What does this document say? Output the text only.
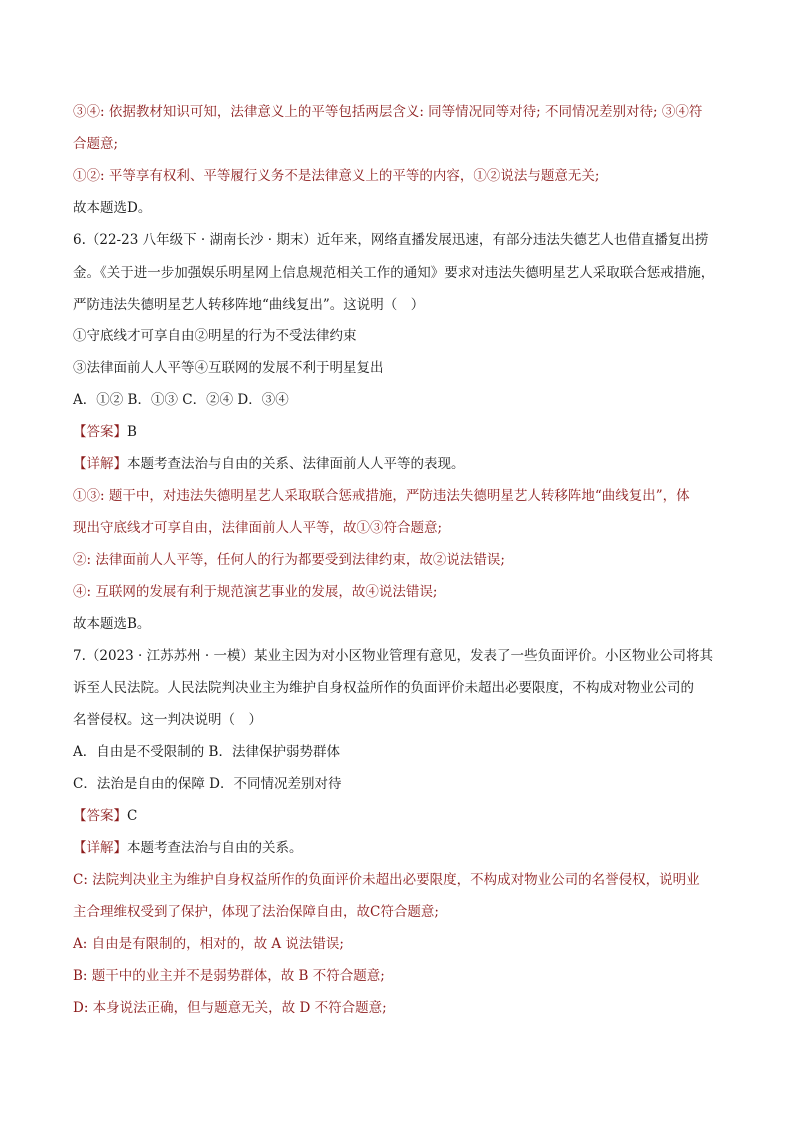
③④: 依据教材知识可知，法律意义上的平等包括两层含义: 同等情况同等对待; 不同情况差别对待; ③④符
合题意;
①②: 平等享有权利、平等履行义务不是法律意义上的平等的内容，①②说法与题意无关;
故本题选D。
6.（22-23 八年级下 · 湖南长沙 · 期末）近年来，网络直播发展迅速，有部分违法失德艺人也借直播复出捞
金。《关于进一步加强娱乐明星网上信息规范相关工作的通知》要求对违法失德明星艺人采取联合惩戒措施，
严防违法失德明星艺人转移阵地“曲线复出”。这说明（　）
①守底线才可享自由②明星的行为不受法律约束
③法律面前人人平等④互联网的发展不利于明星复出
A．①② B．①③ C．②④ D．③④
【答案】B
【详解】本题考查法治与自由的关系、法律面前人人平等的表现。
①③: 题干中，对违法失德明星艺人采取联合惩戒措施，严防违法失德明星艺人转移阵地“曲线复出”，体
现出守底线才可享自由，法律面前人人平等，故①③符合题意;
②: 法律面前人人平等，任何人的行为都要受到法律约束，故②说法错误;
④: 互联网的发展有利于规范演艺事业的发展，故④说法错误;
故本题选B。
7.（2023 · 江苏苏州 · 一模）某业主因为对小区物业管理有意见，发表了一些负面评价。小区物业公司将其
诉至人民法院。人民法院判决业主为维护自身权益所作的负面评价未超出必要限度，不构成对物业公司的
名誉侵权。这一判决说明（　）
A．自由是不受限制的 B．法律保护弱势群体
C．法治是自由的保障 D．不同情况差别对待
【答案】C
【详解】本题考查法治与自由的关系。
C: 法院判决业主为维护自身权益所作的负面评价未超出必要限度，不构成对物业公司的名誉侵权，说明业
主合理维权受到了保护，体现了法治保障自由，故C符合题意;
A: 自由是有限制的，相对的，故 A 说法错误;
B: 题干中的业主并不是弱势群体，故 B 不符合题意;
D: 本身说法正确，但与题意无关，故 D 不符合题意;
